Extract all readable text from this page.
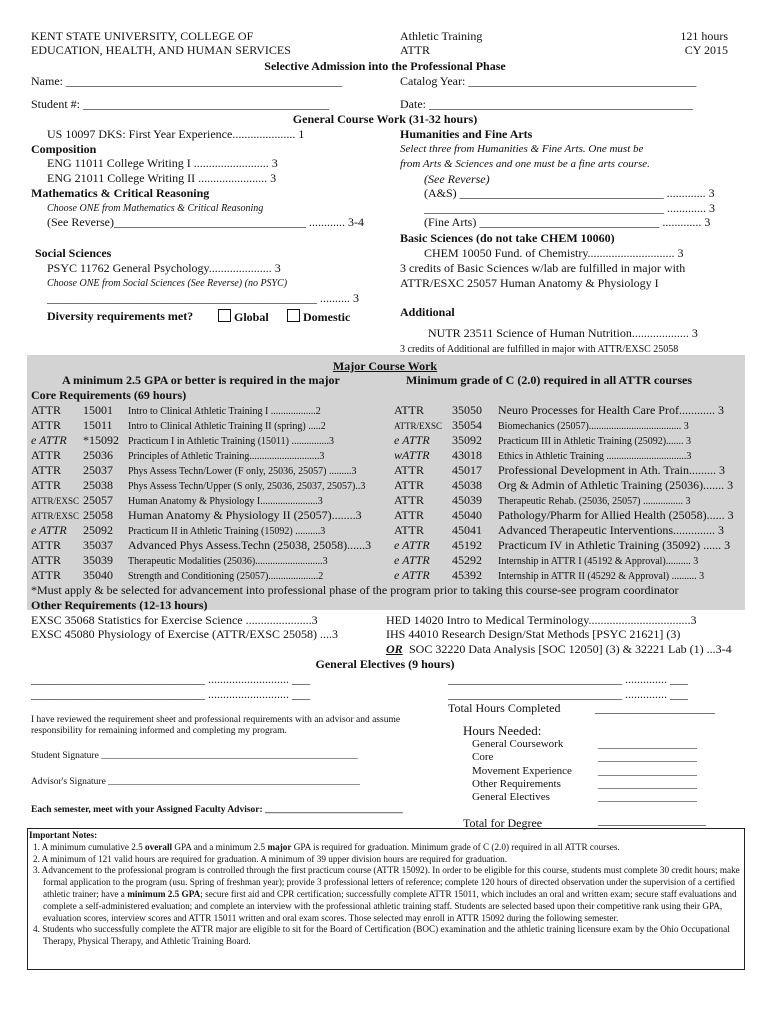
KENT STATE UNIVERSITY, COLLEGE OF
EDUCATION, HEALTH, AND HUMAN SERVICES
Athletic Training
ATTR
121 hours
CY 2015
Selective Admission into the Professional Phase
Name: ______________________________________________	Catalog Year: ______________________________________
Student #: _________________________________________	Date: ____________________________________________
General Course Work (31-32 hours)
US 10097 DKS: First Year Experience..................... 1
Composition
ENG 11011 College Writing I ......................... 3
ENG 21011 College Writing II ....................... 3
Mathematics & Critical Reasoning
Choose ONE from Mathematics & Critical Reasoning
(See Reverse)________________________________ ............ 3-4
Social Sciences
PSYC 11762 General Psychology..................... 3
Choose ONE from Social Sciences (See Reverse) (no PSYC)
_____________________________________________ .......... 3
Diversity requirements met?	Global	Domestic
Humanities and Fine Arts
Select three from Humanities & Fine Arts. One must be
from Arts & Sciences and one must be a fine arts course.
(See Reverse)
(A&S) __________________________________ ............. 3
________________________________________ ............. 3
(Fine Arts) ______________________________ ............. 3
Basic Sciences (do not take CHEM 10060)
CHEM 10050 Fund. of Chemistry............................. 3
3 credits of Basic Sciences w/lab are fulfilled in major with
ATTR/ESXC 25057 Human Anatomy & Physiology I
Additional
NUTR 23511 Science of Human Nutrition................... 3
3 credits of Additional are fulfilled in major with ATTR/EXSC 25058
Major Course Work
A minimum 2.5 GPA or better is required in the major	Minimum grade of C (2.0) required in all ATTR courses
Core Requirements (69 hours)
ATTR 15001 Intro to Clinical Athletic Training I ..................2
ATTR 15011 Intro to Clinical Athletic Training II (spring) .....2
e ATTR *15092 Practicum I in Athletic Training (15011) ...............3
ATTR 25036 Principles of Athletic Training............................3
ATTR 25037 Phys Assess Techn/Lower (F only, 25036, 25057) .........3
ATTR 25038 Phys Assess Techn/Upper (S only, 25036, 25037, 25057)..3
ATTR/EXSC 25057 Human Anatomy & Physiology I.......................3
ATTR/EXSC 25058 Human Anatomy & Physiology II (25057)........3
e ATTR 25092 Practicum II in Athletic Training (15092) ..........3
ATTR 35037 Advanced Phys Assess.Techn (25038, 25058)......3
ATTR 35039 Therapeutic Modalities (25036)...........................3
ATTR 35040 Strength and Conditioning (25057)....................2
ATTR 35050 Neuro Processes for Health Care Prof............ 3
ATTR/EXSC 35054 Biomechanics (25057)..................................... 3
e ATTR 35092 Practicum III in Athletic Training (25092)....... 3
wATTR 43018 Ethics in Athletic Training ................................3
ATTR 45017 Professional Development in Ath. Train......... 3
ATTR 45038 Org & Admin of Athletic Training (25036)....... 3
ATTR 45039 Therapeutic Rehab. (25036, 25057) ................ 3
ATTR 45040 Pathology/Pharm for Allied Health (25058)...... 3
ATTR 45041 Advanced Therapeutic Interventions.............. 3
e ATTR 45192 Practicum IV in Athletic Training (35092) ...... 3
e ATTR 45292 Internship in ATTR I (45192 & Approval).......... 3
e ATTR 45392 Internship in ATTR II (45292 & Approval) .......... 3
*Must apply & be selected for advancement into professional phase of the program prior to taking this course-see program coordinator
Other Requirements (12-13 hours)
EXSC 35068 Statistics for Exercise Science ......................3
EXSC 45080 Physiology of Exercise (ATTR/EXSC 25058) ....3
HED 14020 Intro to Medical Terminology..................................3
IHS 44010 Research Design/Stat Methods [PSYC 21621] (3)
OR SOC 32220 Data Analysis [SOC 12050] (3) & 32221 Lab (1) ...3-4
General Electives (9 hours)
_____________________________ ........................... ___
_____________________________ ........................... ___
_____________________________ .............. ___
_____________________________ .............. ___
I have reviewed the requirement sheet and professional requirements with an advisor and assume responsibility for remaining informed and completing my program.
Student Signature ______________________________________________________
Advisor's Signature _____________________________________________________
Each semester, meet with your Assigned Faculty Advisor: _____________________________
Total Hours Completed	____________________
Hours Needed:
General Coursework	__________________
Core	__________________
Movement Experience __________________
Other Requirements	__________________
General Electives	__________________
Total for Degree	__________________
Important Notes:
1. A minimum cumulative 2.5 overall GPA and a minimum 2.5 major GPA is required for graduation. Minimum grade of C (2.0) required in all ATTR courses.
2. A minimum of 121 valid hours are required for graduation. A minimum of 39 upper division hours are required for graduation.
3. Advancement to the professional program is controlled through the first practicum course (ATTR 15092). In order to be eligible for this course, students must complete 30 credit hours; make formal application to the program (usu. Spring of freshman year); provide 3 professional letters of reference; complete 120 hours of directed observation under the supervision of a certified athletic trainer; have a minimum 2.5 GPA; secure first aid and CPR certification; successfully complete ATTR 15011, which includes an oral and written exam; secure staff evaluations and complete a self-administered evaluation; and complete an interview with the professional athletic training staff. Students are selected based upon their competitive rank using their GPA, evaluation scores, interview scores and ATTR 15011 written and oral exam scores. Those selected may enroll in ATTR 15092 during the following semester.
4. Students who successfully complete the ATTR major are eligible to sit for the Board of Certification (BOC) examination and the athletic training licensure exam by the Ohio Occupational Therapy, Physical Therapy, and Athletic Training Board.
